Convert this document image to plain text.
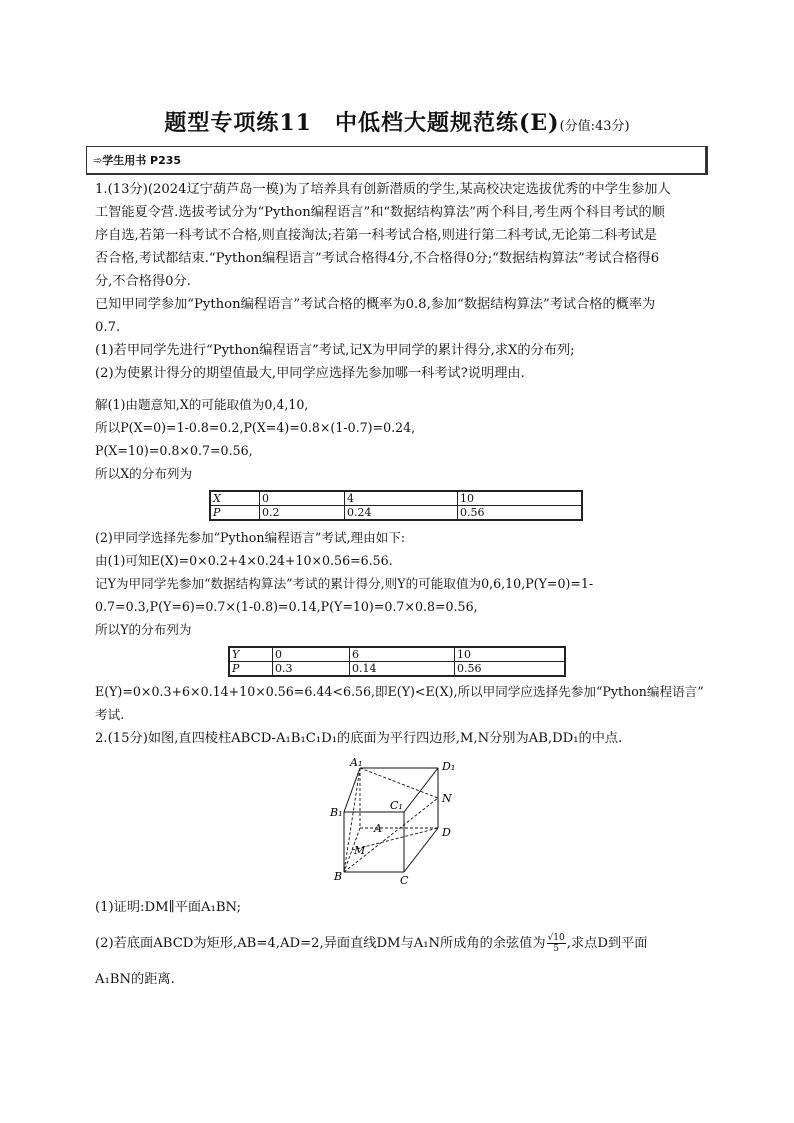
题型专项练11　中低档大题规范练(E)(分值:43分)
➾学生用书 P235
1.(13分)(2024辽宁葫芦岛一模)为了培养具有创新潜质的学生,某高校决定选拔优秀的中学生参加人
工智能夏令营.选拔考试分为“Python编程语言”和“数据结构算法”两个科目,考生两个科目考试的顺
序自选,若第一科考试不合格,则直接淘汰;若第一科考试合格,则进行第二科考试,无论第二科考试是
否合格,考试都结束.“Python编程语言”考试合格得4分,不合格得0分;“数据结构算法”考试合格得6
分,不合格得0分.
已知甲同学参加“Python编程语言”考试合格的概率为0.8,参加“数据结构算法”考试合格的概率为
0.7.
(1)若甲同学先进行“Python编程语言”考试,记X为甲同学的累计得分,求X的分布列;
(2)为使累计得分的期望值最大,甲同学应选择先参加哪一科考试?说明理由.
解(1)由题意知,X的可能取值为0,4,10,
所以P(X=0)=1-0.8=0.2,P(X=4)=0.8×(1-0.7)=0.24,
P(X=10)=0.8×0.7=0.56,
所以X的分布列为
X	0	4	10
P	0.2	0.24	0.56
(2)甲同学选择先参加“Python编程语言”考试,理由如下:
由(1)可知E(X)=0×0.2+4×0.24+10×0.56=6.56.
记Y为甲同学先参加“数据结构算法”考试的累计得分,则Y的可能取值为0,6,10,P(Y=0)=1-
0.7=0.3,P(Y=6)=0.7×(1-0.8)=0.14,P(Y=10)=0.7×0.8=0.56,
所以Y的分布列为
Y	0	6	10
P	0.3	0.14	0.56
E(Y)=0×0.3+6×0.14+10×0.56=6.44<6.56,即E(Y)<E(X),所以甲同学应选择先参加“Python编程语言”
考试.
2.(15分)如图,直四棱柱ABCD-A₁B₁C₁D₁的底面为平行四边形,M,N分别为AB,DD₁的中点.
A₁	D₁
B₁
C₁
N
A	D
M
B	C
(1)证明:DM∥平面A₁BN;
(2)若底面ABCD为矩形,AB=4,AD=2,异面直线DM与A₁N所成角的余弦值为 $\frac{√10}{5}$ ,求点D到平面
A₁BN的距离.
